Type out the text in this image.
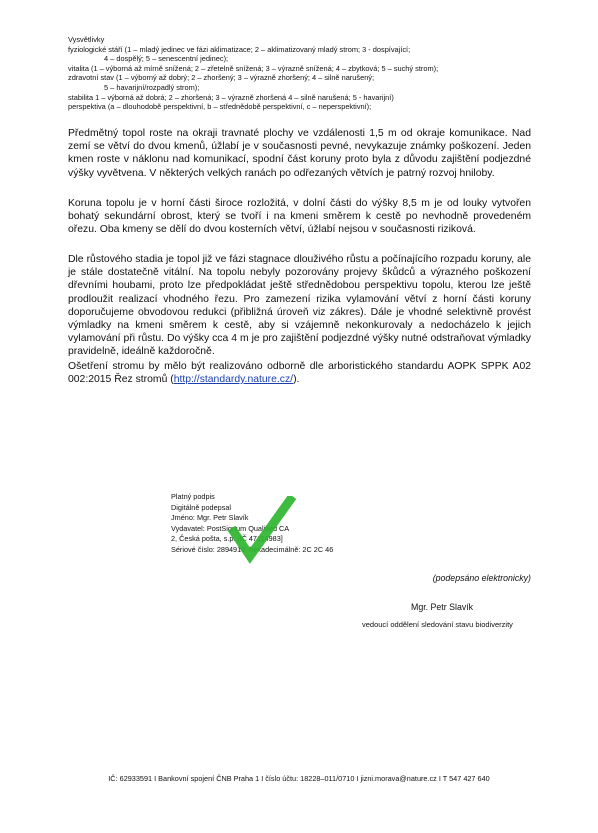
Vysvětlivky
fyziologické stáří (1 – mladý jedinec ve fázi aklimatizace; 2 – aklimatizovaný mladý strom; 3 - dospívající;
4 – dospělý; 5 – senescentní jedinec);
vitalita (1 – výborná až mírně snížená; 2 – zřetelně snížená; 3 – výrazně snížená; 4 – zbytková; 5 – suchý strom);
zdravotní stav (1 – výborný až dobrý; 2 – zhoršený; 3 – výrazně zhoršený; 4 – silně narušený;
5 – havarijní/rozpadlý strom);
stabilita 1 – výborná až dobrá; 2 – zhoršená; 3 – výrazně zhoršená 4 – silně narušená; 5 - havarijní)
perspektiva (a – dlouhodobě perspektivní, b – střednědobě perspektivní, c – neperspektivní);

Předmětný topol roste na okraji travnaté plochy ve vzdálenosti 1,5 m od okraje komunikace. Nad zemí se větví do dvou kmenů, úžlabí je v současnosti pevné, nevykazuje známky poškození. Jeden kmen roste v náklonu nad komunikací, spodní část koruny proto byla z důvodu zajištění podjezdné výšky vyvětvena. V některých velkých ranách po odřezaných větvích je patrný rozvoj hniloby.

Koruna topolu je v horní části široce rozložitá, v dolní části do výšky 8,5 m je od louky vytvořen bohatý sekundární obrost, který se tvoří i na kmeni směrem k cestě po nevhodně provedeném ořezu. Oba kmeny se dělí do dvou kosterních větví, úžlabí nejsou v současnosti riziková.

Dle růstového stadia je topol již ve fázi stagnace dlouživého růstu a počínajícího rozpadu koruny, ale je stále dostatečně vitální. Na topolu nebyly pozorovány projevy škůdců a výrazného poškození dřevními houbami, proto lze předpokládat ještě střednědobou perspektivu topolu, kterou lze ještě prodloužit realizací vhodného řezu. Pro zamezení rizika vylamování větví z horní části koruny doporučujeme obvodovou redukci (přibližná úroveň viz zákres). Dále je vhodné selektivně provést výmladky na kmeni směrem k cestě, aby si vzájemně nekonkurovaly a nedocházelo k jejich vylamování při růstu. Do výšky cca 4 m je pro zajištění podjezdné výšky nutné odstraňovat výmladky pravidelně, ideálně každoročně.

Ošetření stromu by mělo být realizováno odborně dle arboristického standardu AOPK SPPK A02 002:2015 Řez stromů (http://standardy.nature.cz/).

Platný podpis
Digitálně podepsal
Jméno: Mgr. Petr Slavík
Vydavatel: PostSignum Qualified CA
2, Česká pošta, s.p. [IČ 47114983]
Sériové číslo: 2894918, hexadecimálně: 2C 2C 46
(podepsáno elektronicky)
Mgr. Petr Slavík
vedoucí oddělení sledování stavu biodiverzity
IČ: 62933591 I Bankovní spojení ČNB Praha 1 I číslo účtu: 18228–011/0710 I jizni.morava@nature.cz I T 547 427 640
